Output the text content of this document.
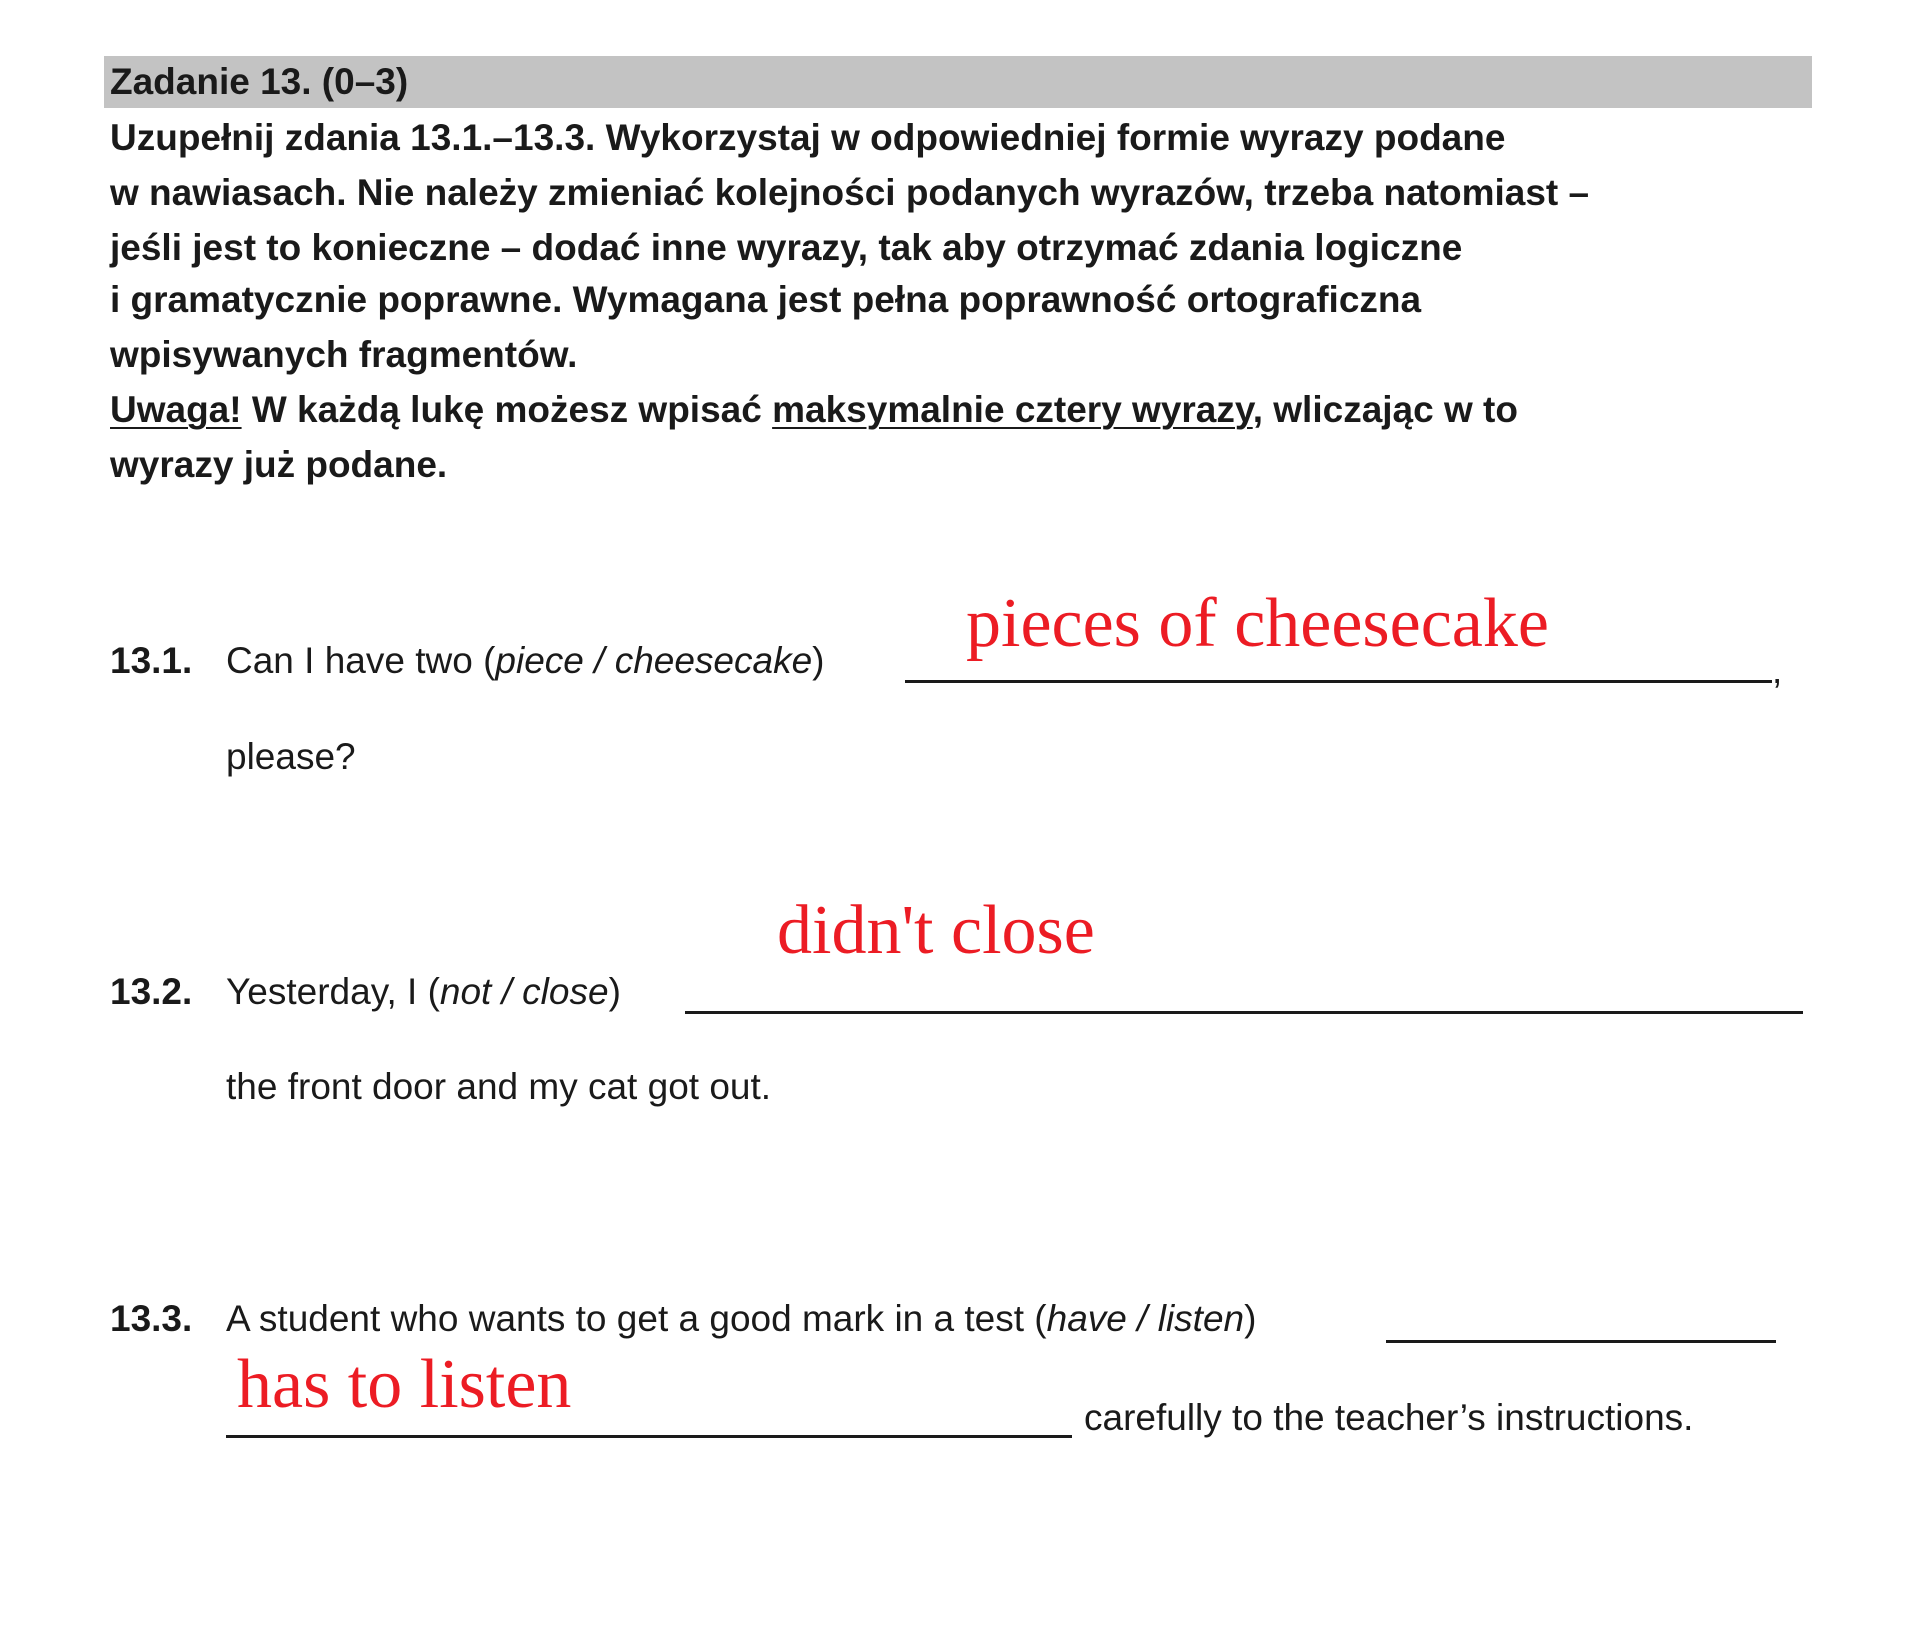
Zadanie 13. (0–3)
Uzupełnij zdania 13.1.–13.3. Wykorzystaj w odpowiedniej formie wyrazy podane
w nawiasach. Nie należy zmieniać kolejności podanych wyrazów, trzeba natomiast –
jeśli jest to konieczne – dodać inne wyrazy, tak aby otrzymać zdania logiczne
i gramatycznie poprawne. Wymagana jest pełna poprawność ortograficzna
wpisywanych fragmentów.
Uwaga! W każdą lukę możesz wpisać maksymalnie cztery wyrazy, wliczając w to
wyrazy już podane.
13.1. Can I have two (piece / cheesecake)	,
pieces of cheesecake
please?
13.2. Yesterday, I (not / close)
didn't close
the front door and my cat got out.
13.3. A student who wants to get a good mark in a test (have / listen)
has to listen	carefully to the teacher’s instructions.
